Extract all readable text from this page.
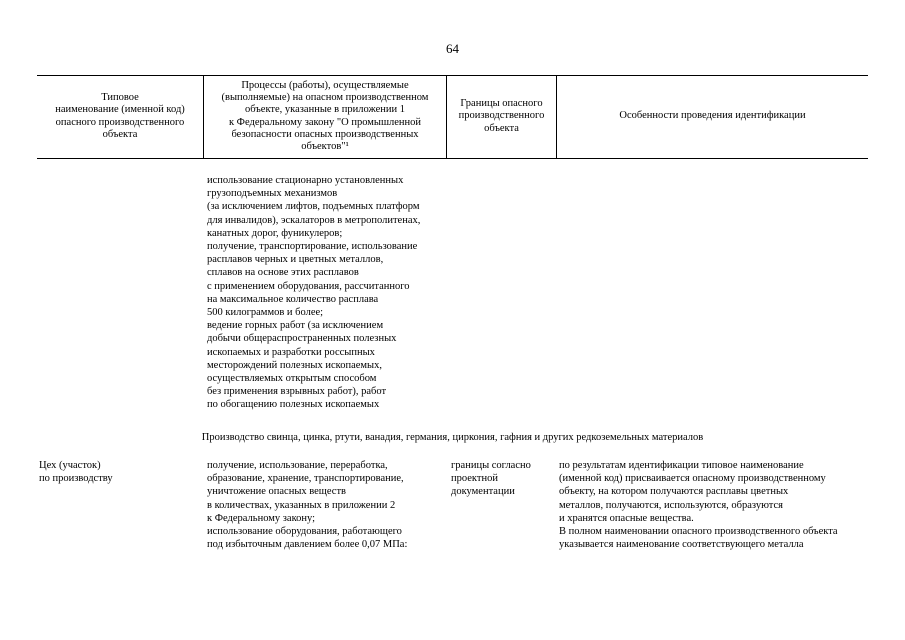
64
Типовое
наименование (именной код)
опасного производственного
объекта
Процессы (работы), осуществляемые
(выполняемые) на опасном производственном
объекте, указанные в приложении 1
к Федеральному закону "О промышленной
безопасности опасных производственных
объектов"¹
Границы опасного
производственного
объекта
Особенности проведения идентификации
использование стационарно установленных
грузоподъемных механизмов
(за исключением лифтов, подъемных платформ
для инвалидов), эскалаторов в метрополитенах,
канатных дорог, фуникулеров;
получение, транспортирование, использование
расплавов черных и цветных металлов,
сплавов на основе этих расплавов
с применением оборудования, рассчитанного
на максимальное количество расплава
500 килограммов и более;
ведение горных работ (за исключением
добычи общераспространенных полезных
ископаемых и разработки россыпных
месторождений полезных ископаемых,
осуществляемых открытым способом
без применения взрывных работ), работ
по обогащению полезных ископаемых
Производство свинца, цинка, ртути, ванадия, германия, циркония, гафния и других редкоземельных материалов
Цех (участок)
по производству
получение, использование, переработка,
образование, хранение, транспортирование,
уничтожение опасных веществ
в количествах, указанных в приложении 2
к Федеральному закону;
использование оборудования, работающего
под избыточным давлением более 0,07 МПа:
границы согласно
проектной
документации
по результатам идентификации типовое наименование
(именной код) присваивается опасному производственному
объекту, на котором получаются расплавы цветных
металлов, получаются, используются, образуются
и хранятся опасные вещества.
В полном наименовании опасного производственного объекта
указывается наименование соответствующего металла
